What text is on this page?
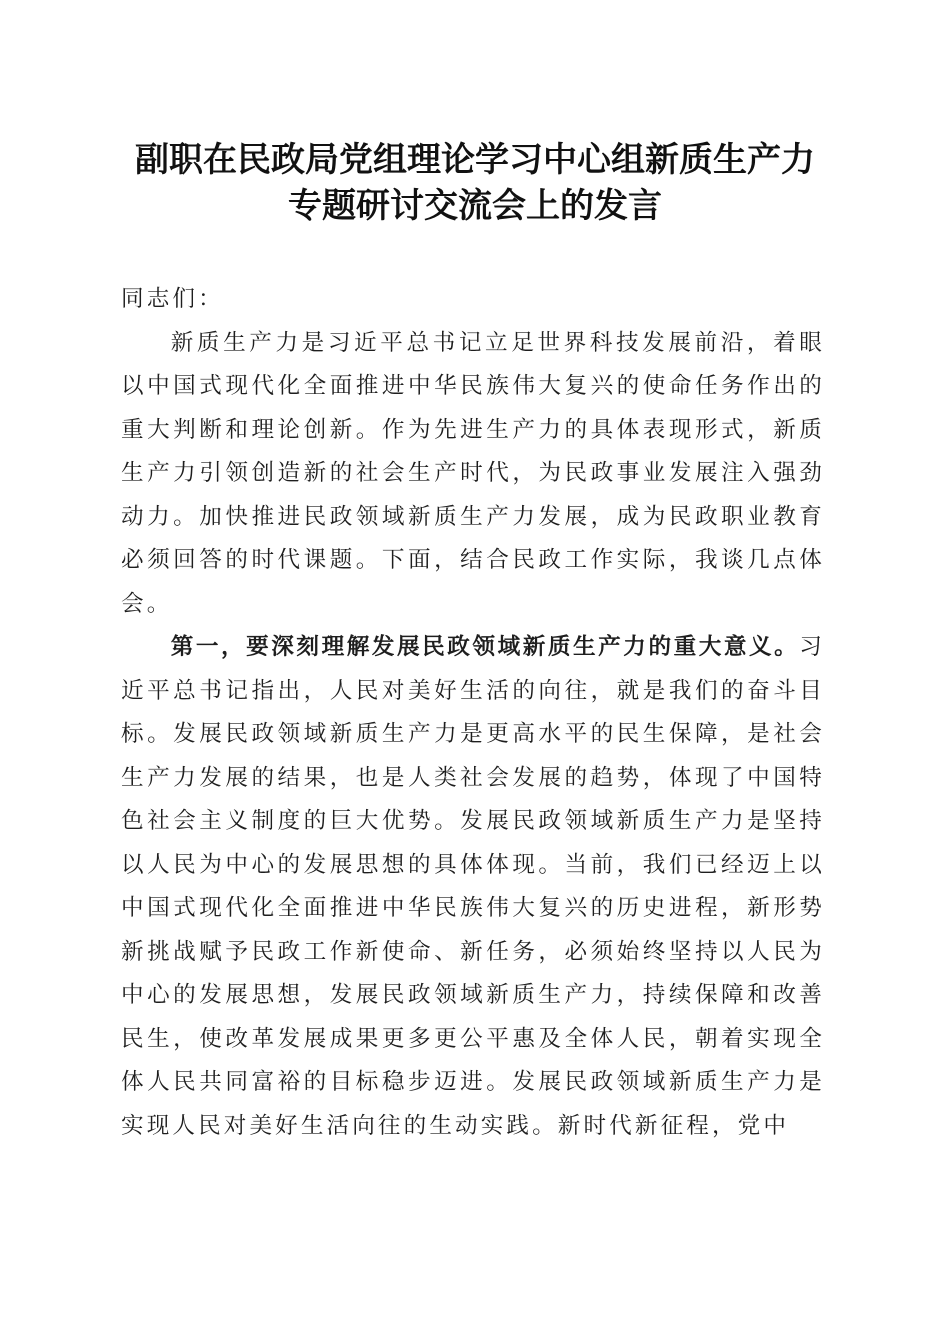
副职在民政局党组理论学习中心组新质生产力
专题研讨交流会上的发言

同志们：

新质生产力是习近平总书记立足世界科技发展前沿，着眼以中国式现代化全面推进中华民族伟大复兴的使命任务作出的重大判断和理论创新。作为先进生产力的具体表现形式，新质生产力引领创造新的社会生产时代，为民政事业发展注入强劲动力。加快推进民政领域新质生产力发展，成为民政职业教育必须回答的时代课题。下面，结合民政工作实际，我谈几点体会。

第一，要深刻理解发展民政领域新质生产力的重大意义。习近平总书记指出，人民对美好生活的向往，就是我们的奋斗目标。发展民政领域新质生产力是更高水平的民生保障，是社会生产力发展的结果，也是人类社会发展的趋势，体现了中国特色社会主义制度的巨大优势。发展民政领域新质生产力是坚持以人民为中心的发展思想的具体体现。当前，我们已经迈上以中国式现代化全面推进中华民族伟大复兴的历史进程，新形势新挑战赋予民政工作新使命、新任务，必须始终坚持以人民为中心的发展思想，发展民政领域新质生产力，持续保障和改善民生，使改革发展成果更多更公平惠及全体人民，朝着实现全体人民共同富裕的目标稳步迈进。发展民政领域新质生产力是实现人民对美好生活向往的生动实践。新时代新征程，党中
